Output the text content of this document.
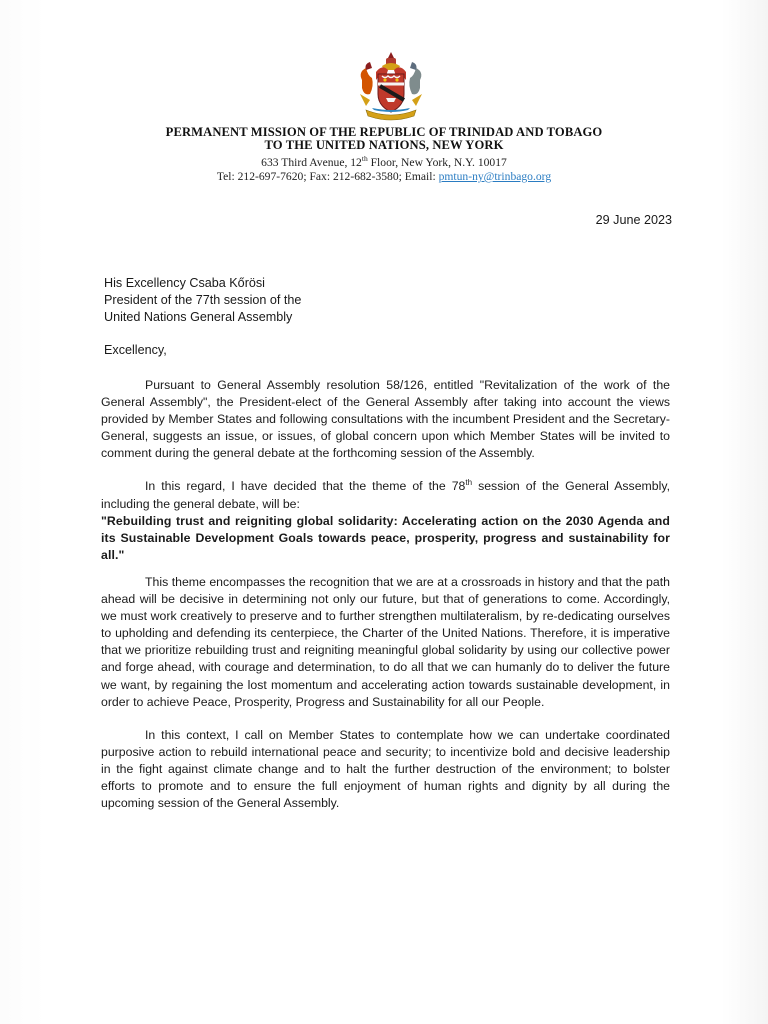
PERMANENT MISSION OF THE REPUBLIC OF TRINIDAD AND TOBAGO
TO THE UNITED NATIONS, NEW YORK
633 Third Avenue, 12th Floor, New York, N.Y. 10017
Tel: 212-697-7620; Fax: 212-682-3580; Email: pmtun-ny@trinbago.org
29 June 2023
His Excellency Csaba Kőrösi
President of the 77th session of the
United Nations General Assembly
Excellency,

Pursuant to General Assembly resolution 58/126, entitled "Revitalization of the work of the General Assembly", the President-elect of the General Assembly after taking into account the views provided by Member States and following consultations with the incumbent President and the Secretary-General, suggests an issue, or issues, of global concern upon which Member States will be invited to comment during the general debate at the forthcoming session of the Assembly.

In this regard, I have decided that the theme of the 78th session of the General Assembly, including the general debate, will be:

"Rebuilding trust and reigniting global solidarity: Accelerating action on the 2030 Agenda and its Sustainable Development Goals towards peace, prosperity, progress and sustainability for all."

This theme encompasses the recognition that we are at a crossroads in history and that the path ahead will be decisive in determining not only our future, but that of generations to come. Accordingly, we must work creatively to preserve and to further strengthen multilateralism, by re-dedicating ourselves to upholding and defending its centerpiece, the Charter of the United Nations. Therefore, it is imperative that we prioritize rebuilding trust and reigniting meaningful global solidarity by using our collective power and forge ahead, with courage and determination, to do all that we can humanly do to deliver the future we want, by regaining the lost momentum and accelerating action towards sustainable development, in order to achieve Peace, Prosperity, Progress and Sustainability for all our People.

In this context, I call on Member States to contemplate how we can undertake coordinated purposive action to rebuild international peace and security; to incentivize bold and decisive leadership in the fight against climate change and to halt the further destruction of the environment; to bolster efforts to promote and to ensure the full enjoyment of human rights and dignity by all during the upcoming session of the General Assembly.
